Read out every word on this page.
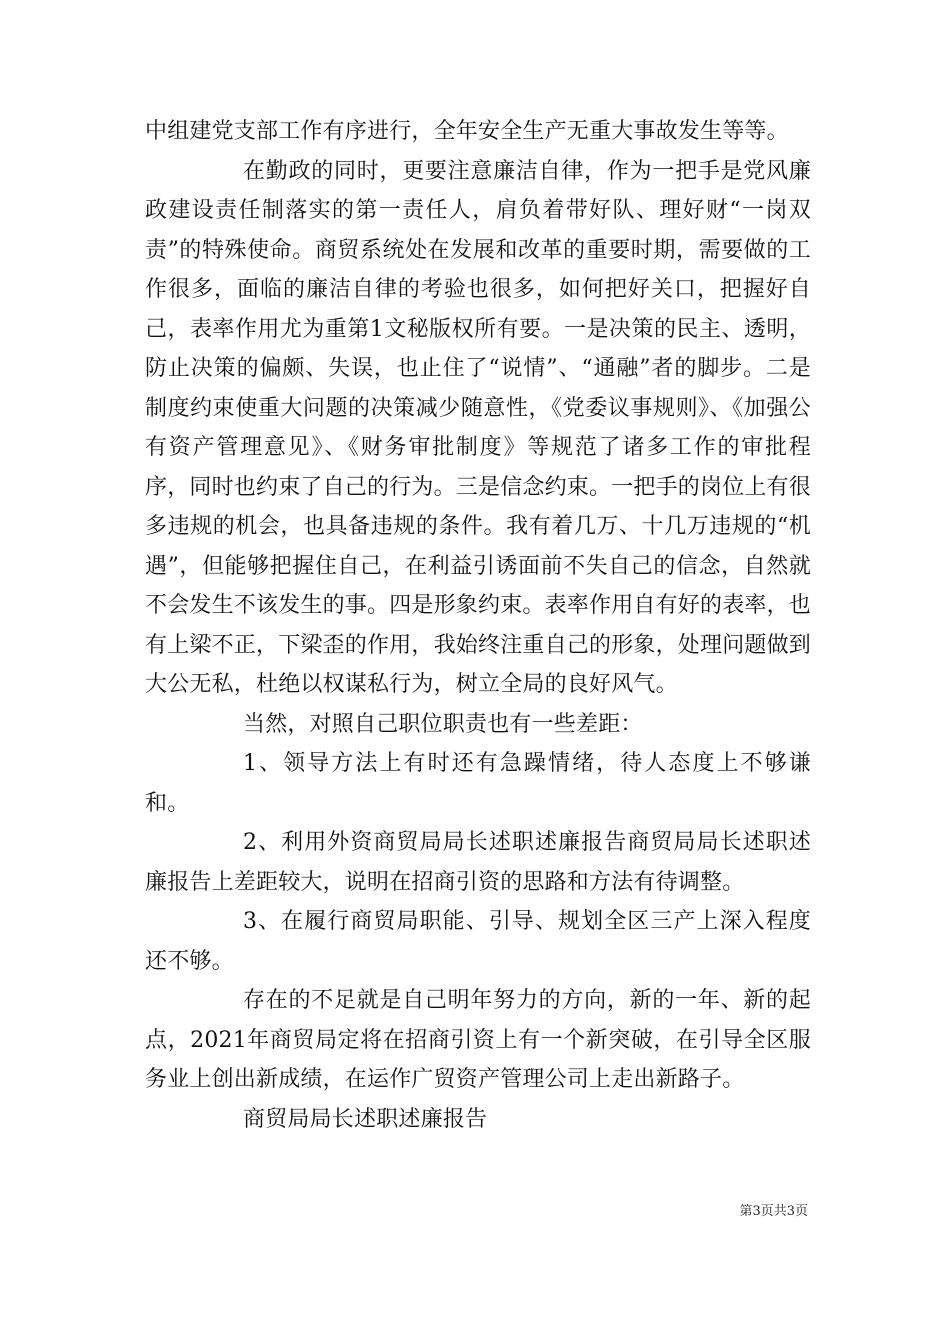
中组建党支部工作有序进行，全年安全生产无重大事故发生等等。

在勤政的同时，更要注意廉洁自律，作为一把手是党风廉政建设责任制落实的第一责任人，肩负着带好队、理好财“一岗双责”的特殊使命。商贸系统处在发展和改革的重要时期，需要做的工作很多，面临的廉洁自律的考验也很多，如何把好关口，把握好自己，表率作用尤为重第1文秘版权所有要。一是决策的民主、透明，防止决策的偏颇、失误，也止住了“说情”、“通融”者的脚步。二是制度约束使重大问题的决策减少随意性，《党委议事规则》、《加强公有资产管理意见》、《财务审批制度》等规范了诸多工作的审批程序，同时也约束了自己的行为。三是信念约束。一把手的岗位上有很多违规的机会，也具备违规的条件。我有着几万、十几万违规的“机遇”，但能够把握住自己，在利益引诱面前不失自己的信念，自然就不会发生不该发生的事。四是形象约束。表率作用自有好的表率，也有上梁不正，下梁歪的作用，我始终注重自己的形象，处理问题做到大公无私，杜绝以权谋私行为，树立全局的良好风气。

当然，对照自己职位职责也有一些差距：

1、领导方法上有时还有急躁情绪，待人态度上不够谦和。

2、利用外资商贸局局长述职述廉报告商贸局局长述职述廉报告上差距较大，说明在招商引资的思路和方法有待调整。

3、在履行商贸局职能、引导、规划全区三产上深入程度还不够。

存在的不足就是自己明年努力的方向，新的一年、新的起点，2021年商贸局定将在招商引资上有一个新突破，在引导全区服务业上创出新成绩，在运作广贸资产管理公司上走出新路子。

商贸局局长述职述廉报告

第3页共3页
